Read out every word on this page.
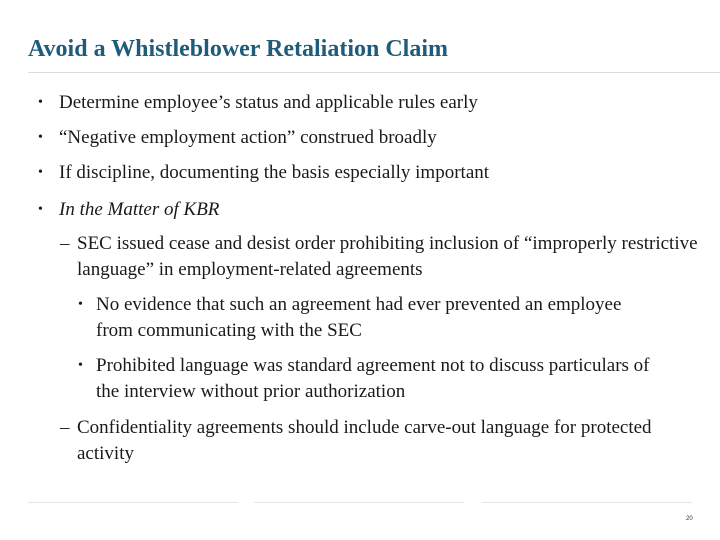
Avoid a Whistleblower Retaliation Claim
• Determine employee’s status and applicable rules early
• “Negative employment action” construed broadly
• If discipline, documenting the basis especially important
• In the Matter of KBR
– SEC issued cease and desist order prohibiting inclusion of “improperly restrictive language” in employment-related agreements
• No evidence that such an agreement had ever prevented an employee from communicating with the SEC
• Prohibited language was standard agreement not to discuss particulars of the interview without prior authorization
– Confidentiality agreements should include carve-out language for protected activity
20
